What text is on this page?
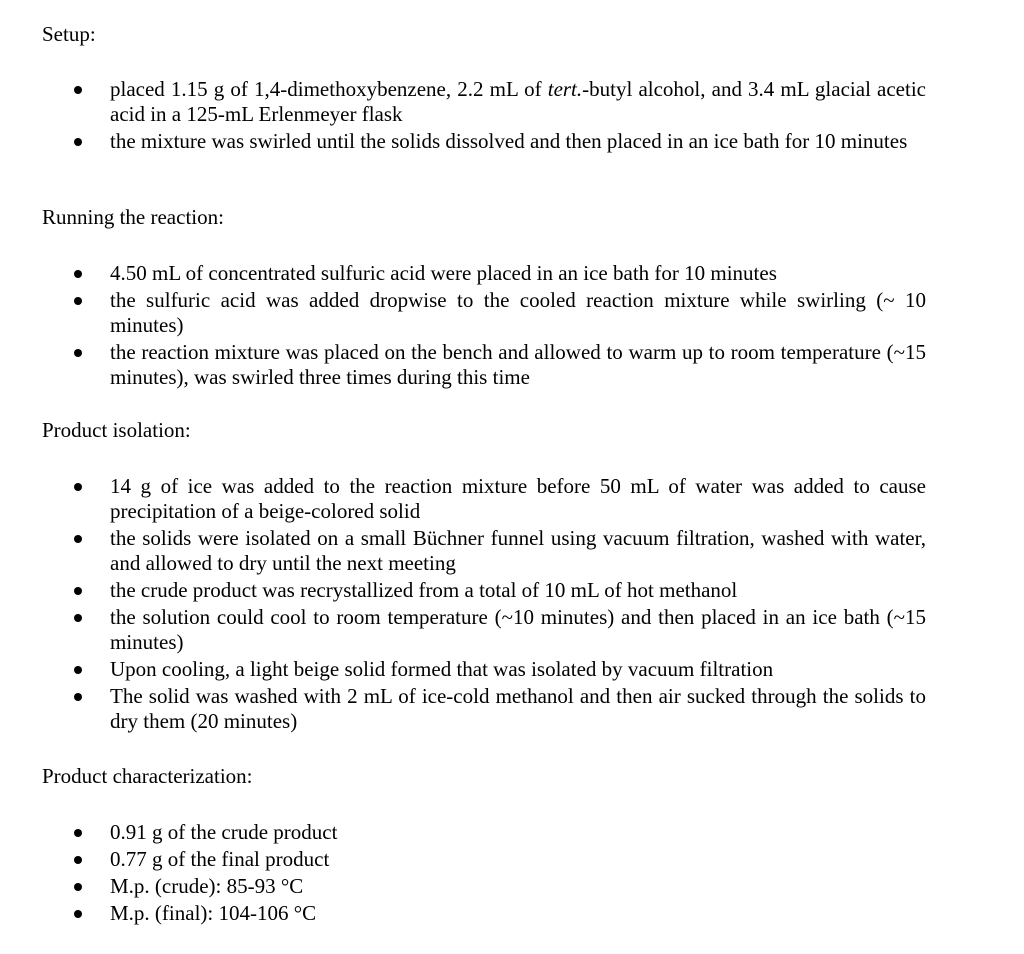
Setup:
placed 1.15 g of 1,4-dimethoxybenzene, 2.2 mL of tert.-butyl alcohol, and 3.4 mL glacial acetic acid in a 125-mL Erlenmeyer flask
the mixture was swirled until the solids dissolved and then placed in an ice bath for 10 minutes
Running the reaction:
4.50 mL of concentrated sulfuric acid were placed in an ice bath for 10 minutes
the sulfuric acid was added dropwise to the cooled reaction mixture while swirling (~ 10 minutes)
the reaction mixture was placed on the bench and allowed to warm up to room temperature (~15 minutes), was swirled three times during this time
Product isolation:
14 g of ice was added to the reaction mixture before 50 mL of water was added to cause precipitation of a beige-colored solid
the solids were isolated on a small Büchner funnel using vacuum filtration, washed with water, and allowed to dry until the next meeting
the crude product was recrystallized from a total of 10 mL of hot methanol
the solution could cool to room temperature (~10 minutes) and then placed in an ice bath (~15 minutes)
Upon cooling, a light beige solid formed that was isolated by vacuum filtration
The solid was washed with 2 mL of ice-cold methanol and then air sucked through the solids to dry them (20 minutes)
Product characterization:
0.91 g of the crude product
0.77 g of the final product
M.p. (crude): 85-93 °C
M.p. (final): 104-106 °C
